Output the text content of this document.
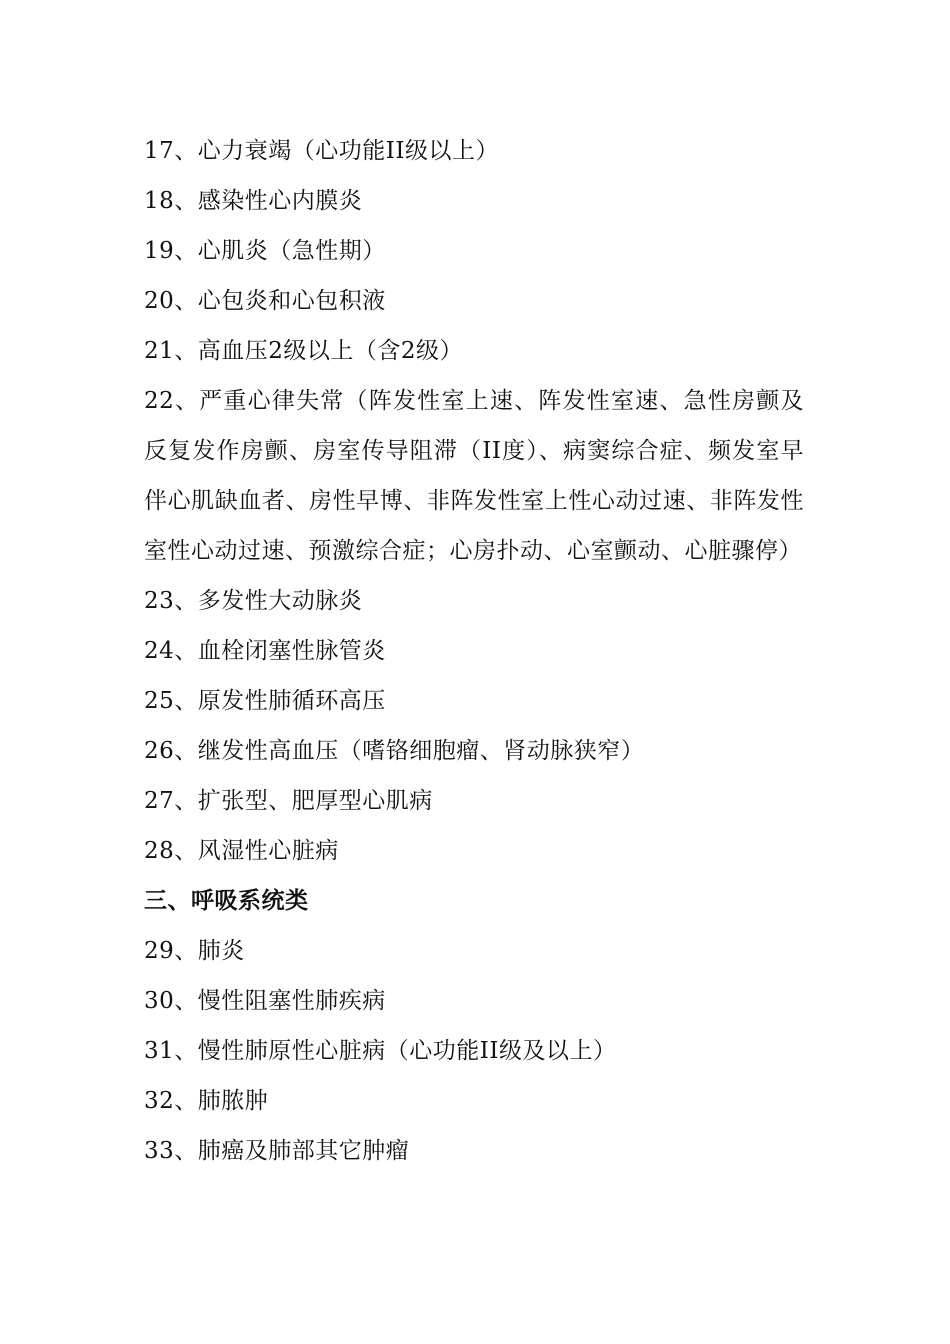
17、心力衰竭（心功能II级以上）
18、感染性心内膜炎
19、心肌炎（急性期）
20、心包炎和心包积液
21、高血压2级以上（含2级）
22、严重心律失常（阵发性室上速、阵发性室速、急性房颤及反复发作房颤、房室传导阻滞（II度）、病窦综合症、频发室早伴心肌缺血者、房性早博、非阵发性室上性心动过速、非阵发性室性心动过速、预激综合症；心房扑动、心室颤动、心脏骤停）
23、多发性大动脉炎
24、血栓闭塞性脉管炎
25、原发性肺循环高压
26、继发性高血压（嗜铬细胞瘤、肾动脉狭窄）
27、扩张型、肥厚型心肌病
28、风湿性心脏病
三、呼吸系统类
29、肺炎
30、慢性阻塞性肺疾病
31、慢性肺原性心脏病（心功能II级及以上）
32、肺脓肿
33、肺癌及肺部其它肿瘤
